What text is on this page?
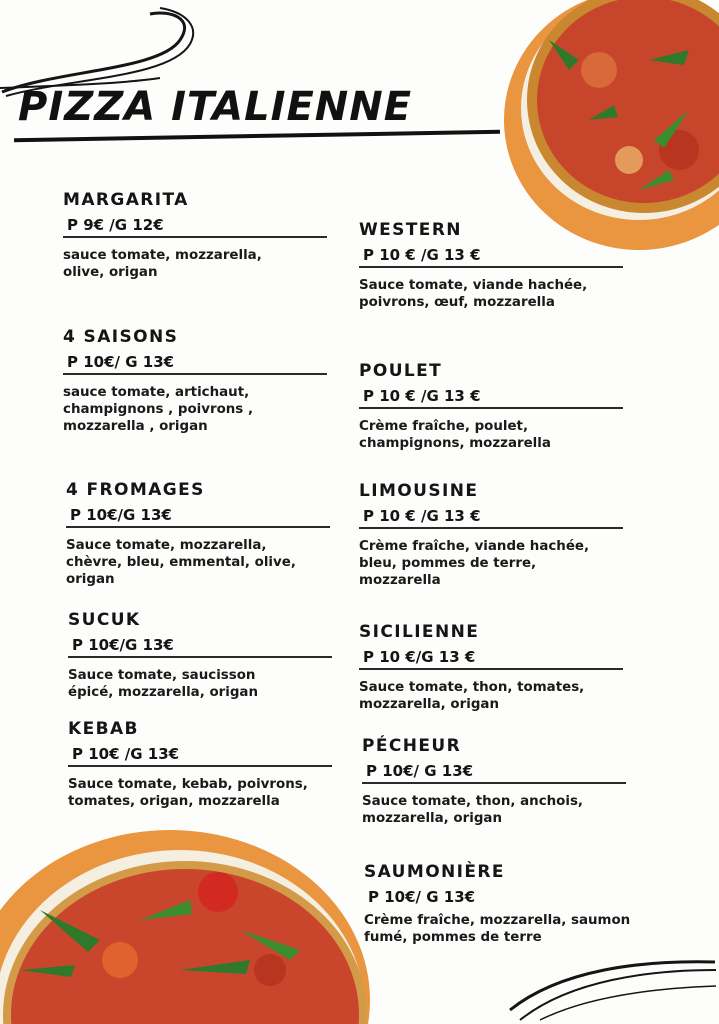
PIZZA ITALIENNE
MARGARITA
P 9€ /G 12€
sauce tomate, mozzarella,
olive, origan
4 SAISONS
P 10€/ G 13€
sauce tomate, artichaut,
champignons , poivrons ,
mozzarella , origan
4 FROMAGES
P 10€/G 13€
Sauce tomate, mozzarella,
chèvre, bleu, emmental, olive,
origan
SUCUK
P 10€/G 13€
Sauce tomate, saucisson
épicé, mozzarella, origan
KEBAB
P 10€ /G 13€
Sauce tomate, kebab, poivrons,
tomates, origan, mozzarella
WESTERN
P 10 € /G 13 €
Sauce tomate, viande hachée,
poivrons, œuf, mozzarella
POULET
P 10 € /G 13 €
Crème fraîche, poulet,
champignons, mozzarella
LIMOUSINE
P 10 € /G 13 €
Crème fraîche, viande hachée,
bleu, pommes de terre,
mozzarella
SICILIENNE
P 10 €/G 13 €
Sauce tomate, thon, tomates,
mozzarella, origan
PÉCHEUR
P 10€/ G 13€
Sauce tomate, thon, anchois,
mozzarella, origan
SAUMONIÈRE
P 10€/ G 13€
Crème fraîche, mozzarella, saumon
fumé, pommes de terre
